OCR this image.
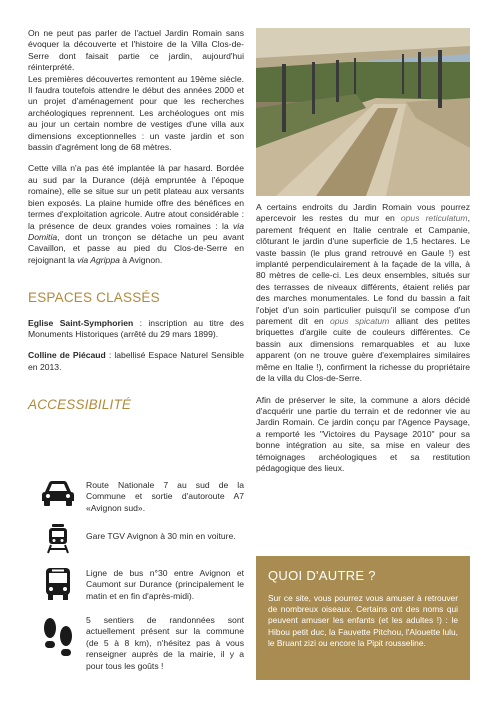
On ne peut pas parler de l'actuel Jardin Romain sans évoquer la découverte et l'histoire de la Villa Clos-de-Serre dont faisait partie ce jardin, aujourd'hui réinterprété.

Les premières découvertes remontent au 19ème siècle. Il faudra toutefois attendre le début des années 2000 et un projet d'aménagement pour que les recherches archéologiques reprennent. Les archéologues ont mis au jour un certain nombre de vestiges d'une villa aux dimensions exceptionnelles : un vaste jardin et son bassin d'agrément long de 68 mètres.

Cette villa n'a pas été implantée là par hasard. Bordée au sud par la Durance (déjà empruntée à l'époque romaine), elle se situe sur un petit plateau aux versants bien exposés. La plaine humide offre des bénéfices en termes d'exploitation agricole. Autre atout considérable : la présence de deux grandes voies romaines : la via Domitia, dont un tronçon se détache un peu avant Cavaillon, et passe au pied du Clos-de-Serre en rejoignant la via Agrippa à Avignon.

ESPACES CLASSÉS

Eglise Saint-Symphorien : inscription au titre des Monuments Historiques (arrêté du 29 mars 1899).

Colline de Piécaud : labellisé Espace Naturel Sensible en 2013.

ACCESSIBILITÉ
Route Nationale 7 au sud de la Commune et sortie d'autoroute A7 «Avignon sud».
Gare TGV Avignon à 30 min en voiture.
Ligne de bus n°30 entre Avignon et Caumont sur Durance (principalement le matin et en fin d'après-midi).
5 sentiers de randonnées sont actuellement présent sur la commune (de 5 à 8 km), n'hésitez pas à vous renseigner auprès de la mairie, il y a pour tous les goûts !

A certains endroits du Jardin Romain vous pourrez apercevoir les restes du mur en opus reticulatum, parement fréquent en Italie centrale et Campanie, clôturant le jardin d'une superficie de 1,5 hectares. Le vaste bassin (le plus grand retrouvé en Gaule !) est implanté perpendiculairement à la façade de la villa, à 80 mètres de celle-ci. Les deux ensembles, situés sur des terrasses de niveaux différents, étaient reliés par des marches monumentales. Le fond du bassin a fait l'objet d'un soin particulier puisqu'il se compose d'un parement dit en opus spicatum alliant des petites briquettes d'argile cuite de couleurs différentes. Ce bassin aux dimensions remarquables et au luxe apparent (on ne trouve guère d'exemplaires similaires même en Italie !), confirment la richesse du propriétaire de la villa du Clos-de-Serre.

Afin de préserver le site, la commune a alors décidé d'acquérir une partie du terrain et de redonner vie au Jardin Romain. Ce jardin conçu par l'Agence Paysage, a remporté les "Victoires du Paysage 2010" pour sa bonne intégration au site, sa mise en valeur des témoignages archéologiques et sa restitution pédagogique des lieux.

QUOI D'AUTRE ?
Sur ce site, vous pourrez vous amuser à retrouver de nombreux oiseaux. Certains ont des noms qui peuvent amuser les enfants (et les adultes !) : le Hibou petit duc, la Fauvette Pitchou, l'Alouette lulu, le Bruant zizi ou encore la Pipit rousseline.
